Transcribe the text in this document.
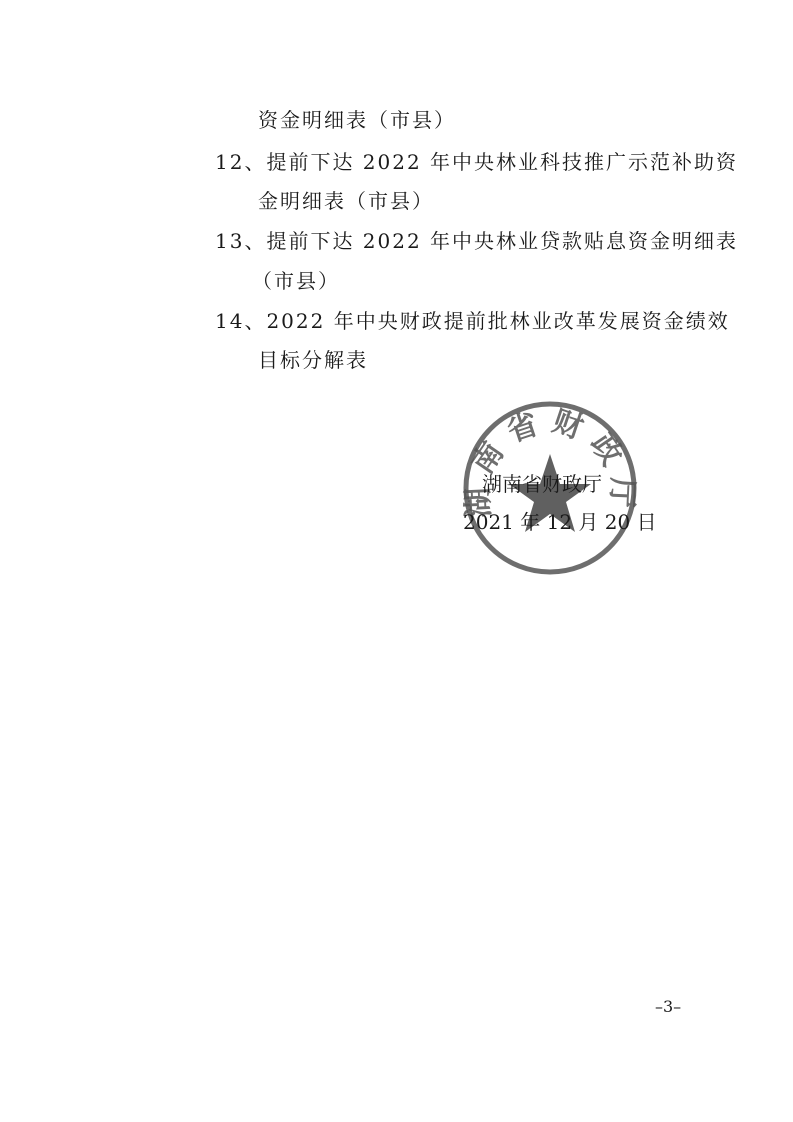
资金明细表（市县）
12、提前下达 2022 年中央林业科技推广示范补助资
金明细表（市县）
13、提前下达 2022 年中央林业贷款贴息资金明细表
（市县）
14、2022 年中央财政提前批林业改革发展资金绩效
目标分解表
湖南省财政厅
湖南省财政厅
2021 年 12 月 20 日
–3–
